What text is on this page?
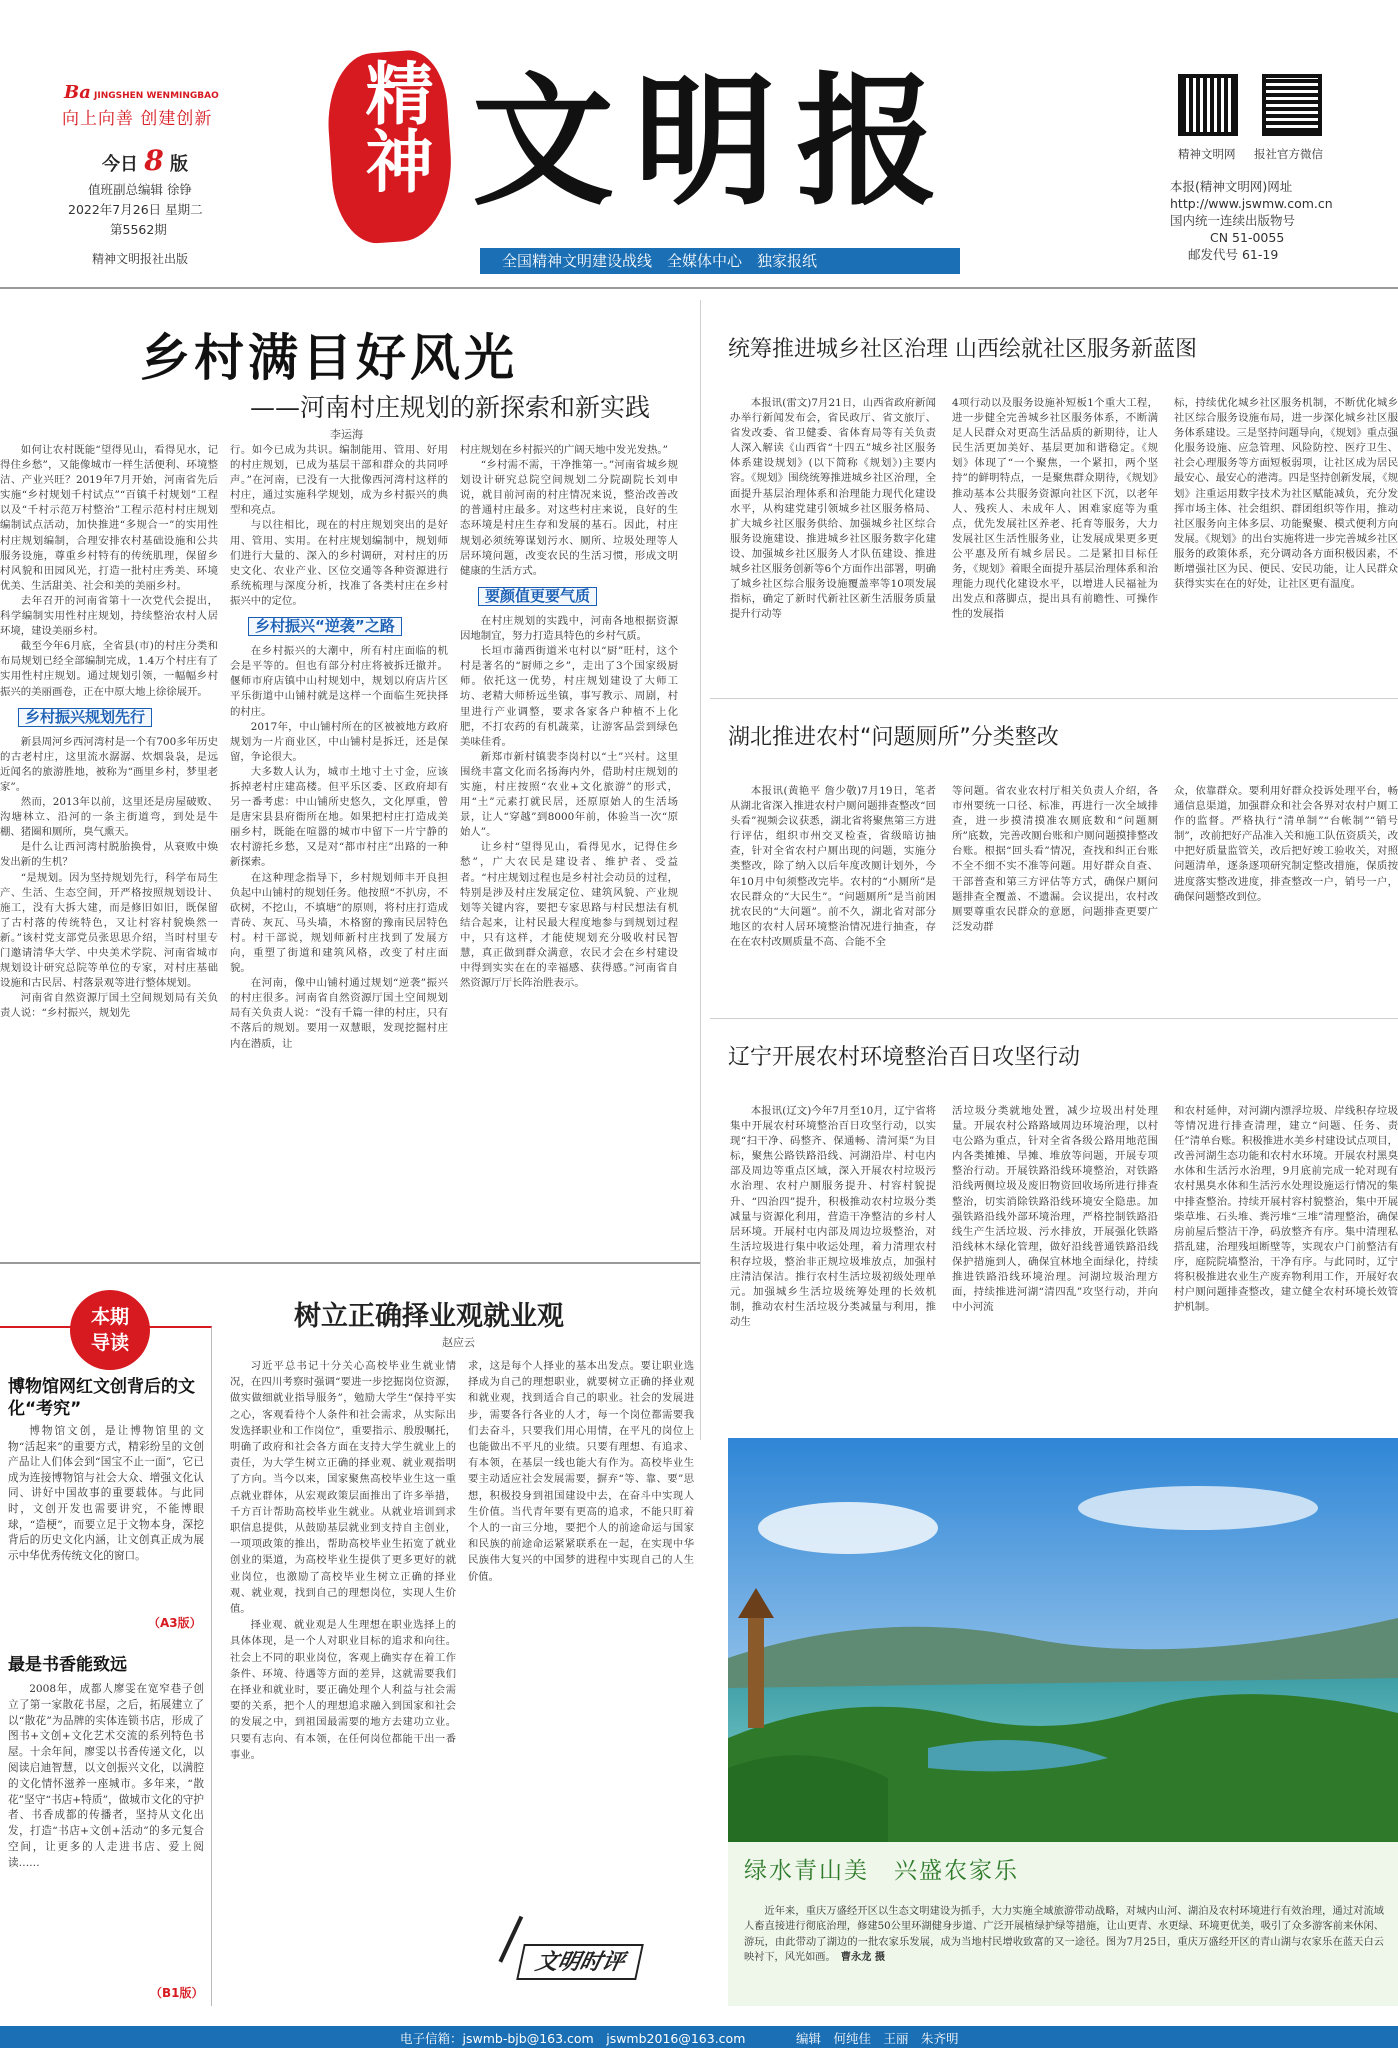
Ba JINGSHEN WENMINGBAO
向上向善 创建创新
今日 8 版
值班副总编辑 徐铮
2022年7月26日 星期二
第5562期
精神文明报社出版
精神 文明报
全国精神文明建设战线　全媒体中心　独家报纸
精神文明网 报社官方微信
本报(精神文明网)网址
http://www.jswmw.com.cn
国内统一连续出版物号
CN 51-0055
邮发代号 61-19
乡村满目好风光
——河南村庄规划的新探索和新实践
李运海

如何让农村既能“望得见山，看得见水，记得住乡愁”，又能像城市一样生活便利、环境整洁、产业兴旺？2019年7月开始，河南省先后实施“乡村规划千村试点”“百镇千村规划”工程以及“千村示范万村整治”工程示范村村庄规划编制试点活动，加快推进“多规合一”的实用性村庄规划编制，合理安排农村基础设施和公共服务设施，尊重乡村特有的传统肌理，保留乡村风貌和田园风光，打造一批村庄秀美、环境优美、生活甜美、社会和美的美丽乡村。

去年召开的河南省第十一次党代会提出，科学编制实用性村庄规划，持续整治农村人居环境，建设美丽乡村。

截至今年6月底，全省县(市)的村庄分类和布局规划已经全部编制完成，1.4万个村庄有了实用性村庄规划。通过规划引领，一幅幅乡村振兴的美丽画卷，正在中原大地上徐徐展开。

乡村振兴规划先行

新县周河乡西河湾村是一个有700多年历史的古老村庄，这里流水潺潺、炊烟袅袅，是远近闻名的旅游胜地，被称为“画里乡村，梦里老家”。

然而，2013年以前，这里还是房屋破败、沟塘林立、沿河的一条主街道弯，到处是牛棚、猪圈和厕所，臭气熏天。

是什么让西河湾村脱胎换骨，从衰败中焕发出新的生机？

“是规划。因为坚持规划先行，科学布局生产、生活、生态空间，开严格按照规划设计、施工，没有大拆大建，而是修旧如旧，既保留了古村落的传统特色，又让村容村貌焕然一新。”该村党支部党员张思思介绍，当时村里专门邀请清华大学、中央美术学院、河南省城市规划设计研究总院等单位的专家，对村庄基础设施和古民居、村落景观等进行整体规划。

河南省自然资源厅国土空间规划局有关负责人说：“乡村振兴，规划先

行。如今已成为共识。编制能用、管用、好用的村庄规划，已成为基层干部和群众的共同呼声。”在河南，已没有一大批像西河湾村这样的村庄，通过实施科学规划，成为乡村振兴的典型和亮点。

与以往相比，现在的村庄规划突出的是好用、管用、实用。在村庄规划编制中，规划师们进行大量的、深入的乡村调研，对村庄的历史文化、农业产业、区位交通等各种资源进行系统梳理与深度分析，找准了各类村庄在乡村振兴中的定位。

乡村振兴“逆袭”之路

在乡村振兴的大潮中，所有村庄面临的机会是平等的。但也有部分村庄将被拆迁撤并。偃师市府店镇中山村规划中，规划以府店片区平乐街道中山铺村就是这样一个面临生死抉择的村庄。

2017年，中山铺村所在的区被被地方政府规划为一片商业区，中山铺村是拆迁，还是保留，争论很大。

大多数人认为，城市土地寸土寸金，应该拆掉老村庄建高楼。但平乐区委、区政府却有另一番考虑：中山铺所史悠久，文化厚重，曾是唐宋县县府衙所在地。如果把村庄打造成美丽乡村，既能在喧嚣的城市中留下一片宁静的农村游托乡愁，又是对“都市村庄”出路的一种新探索。

在这种理念指导下，乡村规划师丰开良担负起中山铺村的规划任务。他按照“不扒房，不砍树，不挖山，不填塘”的原则，将村庄打造成青砖、灰瓦、马头墙，木格窗的豫南民居特色村。村干部说，规划师新村庄找到了发展方向，重塑了街道和建筑风格，改变了村庄面貌。

在河南，像中山铺村通过规划“逆袭”振兴的村庄很多。河南省自然资源厅国土空间规划局有关负责人说：“没有千篇一律的村庄，只有不落后的规划。要用一双慧眼，发现挖掘村庄内在潜质，让

村庄规划在乡村振兴的广阔天地中发光发热。”

“乡村需不需，干净推第一。”河南省城乡规划设计研究总院空间规划二分院副院长刘申说，就目前河南的村庄情况来说，整治改善改的普通村庄最多。对这些村庄来说，良好的生态环境是村庄生存和发展的基石。因此，村庄规划必须统筹谋划污水、厕所、垃圾处理等人居环境问题，改变农民的生活习惯，形成文明健康的生活方式。

要颜值更要气质

在村庄规划的实践中，河南各地根据资源因地制宜，努力打造具特色的乡村气质。

长垣市蒲西街道米屯村以“厨”旺村，这个村是著名的“厨师之乡”，走出了3个国家级厨师。依托这一优势，村庄规划建设了大师工坊、老精大师桥远坐镇，事写教示、周剧，村里进行产业调整，要求各家各户种植不上化肥，不打农药的有机蔬菜，让游客品尝到绿色美味佳肴。

新郑市新村镇裴李岗村以“土”兴村。这里围绕丰富文化而名扬海内外，借助村庄规划的实施，村庄按照“农业+文化旅游”的形式，用“土”元素打就民居，还原原始人的生活场景，让人“穿越”到8000年前，体验当一次“原始人”。

让乡村“望得见山，看得见水，记得住乡愁”，广大农民是建设者、维护者、受益者。“村庄规划过程也是乡村社会动员的过程，特别是涉及村庄发展定位、建筑风貌、产业规划等关键内容，要把专家思路与村民想法有机结合起来，让村民最大程度地参与到规划过程中，只有这样，才能使规划充分吸收村民智慧，真正做到群众满意，农民才会在乡村建设中得到实实在在的幸福感、获得感。”河南省自然资源厅厅长阵治胜表示。

统筹推进城乡社区治理 山西绘就社区服务新蓝图

本报讯(雷文)7月21日，山西省政府新闻办举行新闻发布会，省民政厅、省文旅厅、省发改委、省卫健委、省体育局等有关负责人深入解读《山西省“十四五”城乡社区服务体系建设规划》(以下简称《规划》)主要内容。《规划》围绕统筹推进城乡社区治理，全面提升基层治理体系和治理能力现代化建设水平，从构建党建引领城乡社区服务格局、扩大城乡社区服务供给、加强城乡社区综合服务设施建设、推进城乡社区服务数字化建设、加强城乡社区服务人才队伍建设、推进城乡社区服务创新等6个方面作出部署，明确了城乡社区综合服务设施覆盖率等10项发展指标，确定了新时代新社区新生活服务质量提升行动等

4项行动以及服务设施补短板1个重大工程，进一步健全完善城乡社区服务体系，不断满足人民群众对更高生活品质的新期待，让人民生活更加美好、基层更加和谐稳定。《规划》体现了“一个聚焦，一个紧扣，两个坚持”的鲜明特点，一是聚焦群众期待，《规划》推动基本公共服务资源向社区下沉，以老年人、残疾人、未成年人、困难家庭等为重点，优先发展社区养老、托育等服务，大力发展社区生活性服务业，让发展成果更多更公平惠及所有城乡居民。二是紧扣目标任务，《规划》着眼全面提升基层治理体系和治理能力现代化建设水平，以增进人民福祉为出发点和落脚点，提出具有前瞻性、可操作性的发展指

标，持续优化城乡社区服务机制，不断优化城乡社区综合服务设施布局，进一步深化城乡社区服务体系建设。三是坚持问题导向，《规划》重点强化服务设施、应急管理、风险防控、医疗卫生、社会心理服务等方面短板弱项，让社区成为居民最安心、最安心的港湾。四是坚持创新发展，《规划》注重运用数字技术为社区赋能减负，充分发挥市场主体、社会组织、群团组织等作用，推动社区服务向主体多层、功能聚聚、模式便利方向发展。《规划》的出台实施将进一步完善城乡社区服务的政策体系，充分调动各方面积极因素，不断增强社区为民、便民、安民功能，让人民群众获得实实在在的好处，让社区更有温度。

湖北推进农村“问题厕所”分类整改

本报讯(黄艳平 詹少敬)7月19日，笔者从湖北省深入推进农村户厕问题排查整改“回头看”视频会议获悉，湖北省将聚焦第三方进行评估，组织市州交叉检查，省级暗访抽查，针对全省农村户厕出现的问题，实施分类整改，除了纳入以后年度改厕计划外，今年10月中旬须整改完毕。农村的“小厕所”是农民群众的“大民生”。“问题厕所”是当前困扰农民的“大问题”。前不久，湖北省对部分地区的农村人居环境整治情况进行抽查，存在在农村改厕质量不高、合能不全

等问题。省农业农村厅相关负责人介绍，各市州要统一口径、标准，再进行一次全域排查，进一步摸清摸准农厕底数和“问题厕所”底数，完善改厕台账和户厕问题摸排整改台账。根据“回头看”情况，查找和纠正台账不全不细不实不准等问题。用好群众自查、干部普查和第三方评估等方式，确保户厕问题排查全覆盖、不遗漏。会议提出，农村改厕要尊重农民群众的意愿，问题排查更要广泛发动群

众，依靠群众。要利用好群众投诉处理平台，畅通信息渠道，加强群众和社会各界对农村户厕工作的监督。严格执行“清单制”“台帐制”“销号制”，改前把好产品准入关和施工队伍资质关，改中把好质量监管关，改后把好竣工验收关，对照问题清单，逐条逐项研究制定整改措施，保质按进度落实整改进度，排查整改一户，销号一户，确保问题整改到位。

辽宁开展农村环境整治百日攻坚行动

本报讯(辽文)今年7月至10月，辽宁省将集中开展农村环境整治百日攻坚行动，以实现“扫干净、码整齐、保通畅、清河渠”为目标，聚焦公路铁路沿线、河湖沿岸、村屯内部及周边等重点区域，深入开展农村垃圾污水治理、农村户厕服务提升、村容村貌提升、“四治四”提升，积极推动农村垃圾分类减量与资源化利用，营造干净整洁的乡村人居环境。开展村屯内部及周边垃圾整治，对生活垃圾进行集中收运处理，着力清理农村积存垃圾，整治非正规垃圾堆放点，加强村庄清洁保洁。推行农村生活垃圾初级处理单元。加强城乡生活垃圾统筹处理的长效机制，推动农村生活垃圾分类减量与利用，推动生

活垃圾分类就地处置，减少垃圾出村处理量。开展农村公路路域周边环境治理，以村屯公路为重点，针对全省各级公路用地范围内各类摊摊、旱摊、堆放等问题，开展专项整治行动。开展铁路沿线环境整治，对铁路沿线两侧垃圾及废旧物资回收场所进行排查整治，切实消除铁路沿线环境安全隐患。加强铁路沿线外部环境治理，严格控制铁路沿线生产生活垃圾、污水排放，开展强化铁路沿线林木绿化管理，做好沿线普通铁路沿线保护措施到人，确保宜林地全面绿化，持续推进铁路沿线环境治理。河湖垃圾治理方面，持续推进河湖“清四乱”攻坚行动，并向中小河流

和农村延伸，对河湖内漂浮垃圾、岸线积存垃圾等情况进行排查清理，建立“问题、任务、责任”清单台账。积极推进水美乡村建设试点项目，改善河湖生态功能和农村水环境。开展农村黑臭水体和生活污水治理，9月底前完成一轮对现有农村黑臭水体和生活污水处理设施运行情况的集中排查整治。持续开展村容村貌整治，集中开展柴草堆、石头堆、粪污堆“三堆”清理整治，确保房前屋后整洁干净，码放整齐有序。集中清理私搭乱建，治理残垣断壁等，实现农户门前整洁有序，庭院院墙整治，干净有序。与此同时，辽宁将积极推进农业生产废弃物利用工作，开展好农村户厕问题排查整改，建立健全农村环境长效管护机制。

本期
导读
博物馆网红文创背后的文化“考究”

博物馆文创，是让博物馆里的文物“活起来”的重要方式，精彩纷呈的文创产品让人们体会到“国宝不止一面”，它已成为连接博物馆与社会大众、增强文化认同、讲好中国故事的重要载体。与此同时，文创开发也需要讲究，不能博眼球，“造梗”，而要立足于文物本身，深挖背后的历史文化内涵，让文创真正成为展示中华优秀传统文化的窗口。

（A3版）
最是书香能致远

2008年，成都人廖雯在宽窄巷子创立了第一家散花书屋，之后，拓展建立了以“散花”为品牌的实体连锁书店，形成了图书+文创+文化艺术交流的系列特色书屋。十余年间，廖雯以书香传递文化，以阅读启迪智慧，以文创振兴文化，以满腔的文化情怀滋养一座城市。多年来，“散花”坚守“书店+特质”，做城市文化的守护者、书香成都的传播者，坚持从文化出发，打造“书店+文创+活动”的多元复合空间，让更多的人走进书店、爱上阅读……

（B1版）
树立正确择业观就业观
赵应云

习近平总书记十分关心高校毕业生就业情况，在四川考察时强调“要进一步挖掘岗位资源，做实做细就业指导服务”，勉励大学生“保持平实之心，客观看待个人条件和社会需求，从实际出发选择职业和工作岗位”，重要指示、殷殷嘱托，明确了政府和社会各方面在支持大学生就业上的责任，为大学生树立正确的择业观、就业观指明了方向。当今以来，国家聚焦高校毕业生这一重点就业群体，从宏观政策层面推出了许多举措，千方百计帮助高校毕业生就业。从就业培训到求职信息提供，从鼓励基层就业到支持自主创业，一项项政策的推出，帮助高校毕业生拓宽了就业创业的渠道，为高校毕业生提供了更多更好的就业岗位，也激励了高校毕业生树立正确的择业观、就业观，找到自己的理想岗位，实现人生价值。

择业观、就业观是人生理想在职业选择上的具体体现，是一个人对职业目标的追求和向往。社会上不同的职业岗位，客观上确实存在着工作条件、环境、待遇等方面的差异，这就需要我们在择业和就业时，要正确处理个人利益与社会需要的关系，把个人的理想追求融入到国家和社会的发展之中，到祖国最需要的地方去建功立业。只要有志向、有本领，在任何岗位都能干出一番事业。

求，这是每个人择业的基本出发点。要让职业选择成为自己的理想职业，就要树立正确的择业观和就业观，找到适合自己的职业。社会的发展进步，需要各行各业的人才，每一个岗位都需要我们去奋斗，只要我们用心用情，在平凡的岗位上也能做出不平凡的业绩。只要有理想、有追求、有本领，在基层一线也能大有作为。高校毕业生要主动适应社会发展需要，摒弃“等、靠、要”思想，积极投身到祖国建设中去，在奋斗中实现人生价值。当代青年要有更高的追求，不能只盯着个人的一亩三分地，要把个人的前途命运与国家和民族的前途命运紧紧联系在一起，在实现中华民族伟大复兴的中国梦的进程中实现自己的人生价值。

文明时评
绿水青山美　兴盛农家乐

近年来，重庆万盛经开区以生态文明建设为抓手，大力实施全域旅游带动战略，对城内山河、湖泊及农村环境进行有效治理，通过对流域人畜直接进行彻底治理，修建50公里环湖健身步道、广泛开展植绿护绿等措施，让山更青、水更绿、环境更优美，吸引了众多游客前来休闲、游玩，由此带动了湖边的一批农家乐发展，成为当地村民增收致富的又一途径。图为7月25日，重庆万盛经开区的青山湖与农家乐在蓝天白云映衬下，风光如画。　 曹永龙 摄

电子信箱：jswmb-bjb@163.com　jswmb2016@163.com	编辑　何纯佳　王丽　朱齐明
